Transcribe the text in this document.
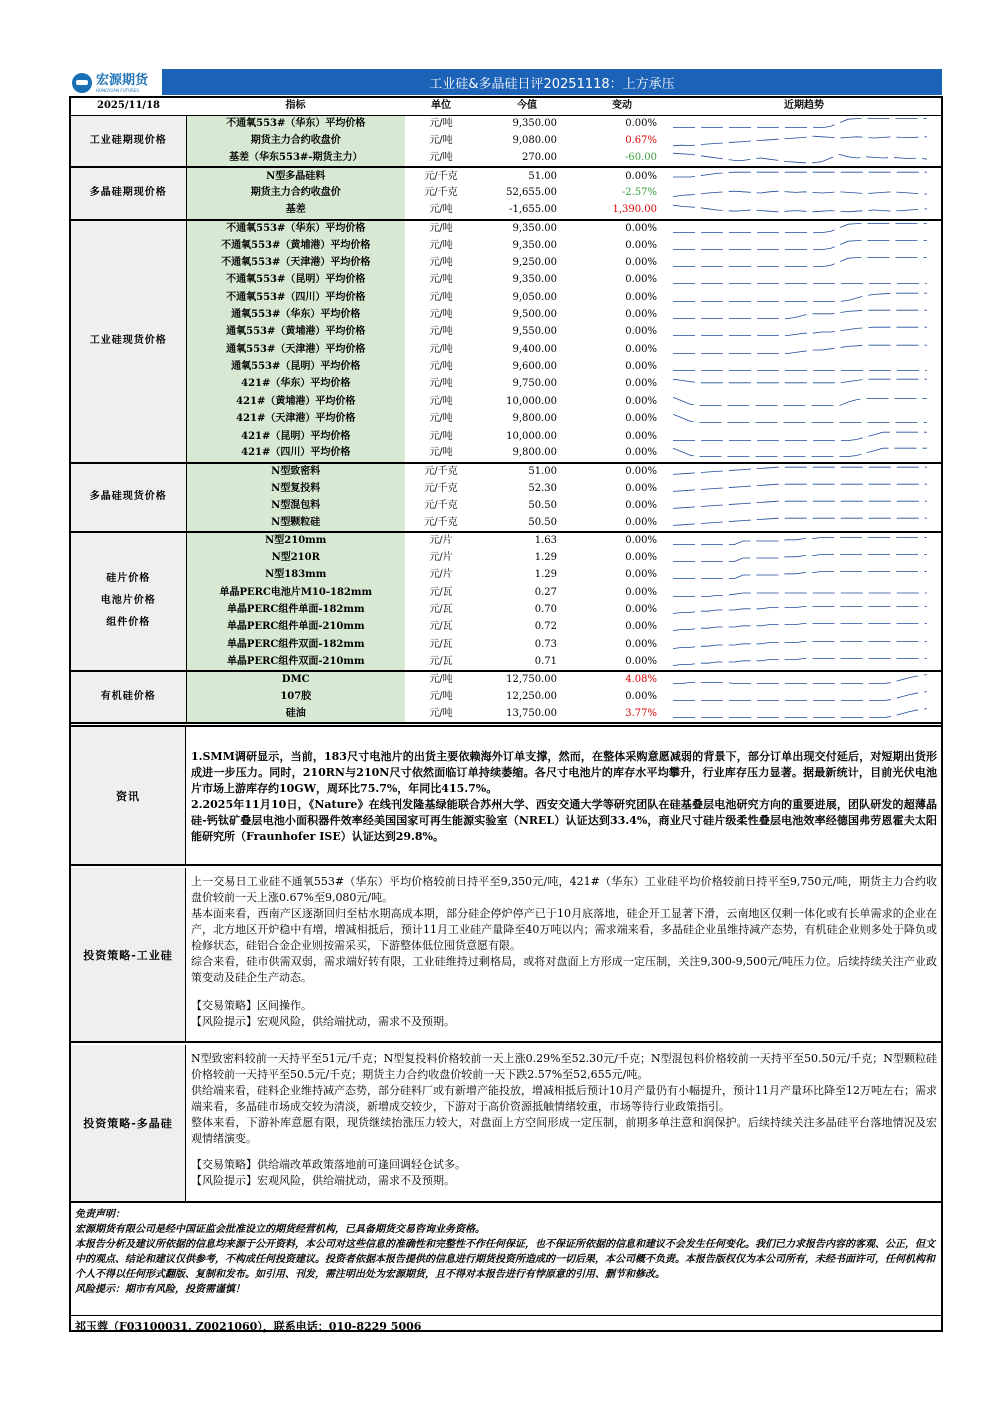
宏源期货
HONGYUAN FUTURES	工业硅&多晶硅日评20251118：上方承压
2025/11/18	指标	单位	今值	变动	近期趋势

工业硅期现价格	不通氧553#（华东）平均价格	元/吨	9,350.00	0.00%	

	期货主力合约收盘价	元/吨	9,080.00	0.67%	

	基差（华东553#-期货主力）	元/吨	270.00	-60.00	

多晶硅期现价格	N型多晶硅料	元/千克	51.00	0.00%	

	期货主力合约收盘价	元/千克	52,655.00	-2.57%	

	基差	元/吨	-1,655.00	1,390.00	

工业硅现货价格	不通氧553#（华东）平均价格	元/吨	9,350.00	0.00%	

	不通氧553#（黄埔港）平均价格	元/吨	9,350.00	0.00%	

	不通氧553#（天津港）平均价格	元/吨	9,250.00	0.00%	

	不通氧553#（昆明）平均价格	元/吨	9,350.00	0.00%	

	不通氧553#（四川）平均价格	元/吨	9,050.00	0.00%	

	通氧553#（华东）平均价格	元/吨	9,500.00	0.00%	

	通氧553#（黄埔港）平均价格	元/吨	9,550.00	0.00%	

	通氧553#（天津港）平均价格	元/吨	9,400.00	0.00%	

	通氧553#（昆明）平均价格	元/吨	9,600.00	0.00%	

	421#（华东）平均价格	元/吨	9,750.00	0.00%	

	421#（黄埔港）平均价格	元/吨	10,000.00	0.00%	

	421#（天津港）平均价格	元/吨	9,800.00	0.00%	

	421#（昆明）平均价格	元/吨	10,000.00	0.00%	

	421#（四川）平均价格	元/吨	9,800.00	0.00%	

多晶硅现货价格	N型致密料	元/千克	51.00	0.00%	

	N型复投料	元/千克	52.30	0.00%	

	N型混包料	元/千克	50.50	0.00%	

	N型颗粒硅	元/千克	50.50	0.00%	

硅片价格
电池片价格
组件价格	N型210mm	元/片	1.63	0.00%	

	N型210R	元/片	1.29	0.00%	

	N型183mm	元/片	1.29	0.00%	

	单晶PERC电池片M10-182mm	元/瓦	0.27	0.00%	

	单晶PERC组件单面-182mm	元/瓦	0.70	0.00%	

	单晶PERC组件单面-210mm	元/瓦	0.72	0.00%	

	单晶PERC组件双面-182mm	元/瓦	0.73	0.00%	

	单晶PERC组件双面-210mm	元/瓦	0.71	0.00%	

有机硅价格	DMC	元/吨	12,750.00	4.08%	

	107胶	元/吨	12,250.00	0.00%	

	硅油	元/吨	13,750.00	3.77%	
资讯

1.SMM调研显示，当前，183尺寸电池片的出货主要依赖海外订单支撑，然而，在整体采购意愿减弱的背景下，部分订单出现交付延后，对短期出货形成进一步压力。同时，210RN与210N尺寸依然面临订单持续萎缩。各尺寸电池片的库存水平均攀升，行业库存压力显著。据最新统计，目前光伏电池片市场上游库存约10GW，周环比75.7%，年同比415.7%。

2.2025年11月10日，《Nature》在线刊发隆基绿能联合苏州大学、西安交通大学等研究团队在硅基叠层电池研究方向的重要进展，团队研发的超薄晶硅-钙钛矿叠层电池小面积器件效率经美国国家可再生能源实验室（NREL）认证达到33.4%，商业尺寸硅片级柔性叠层电池效率经德国弗劳恩霍夫太阳能研究所（Fraunhofer ISE）认证达到29.8%。

投资策略-工业硅

上一交易日工业硅不通氧553#（华东）平均价格较前日持平至9,350元/吨，421#（华东）工业硅平均价格较前日持平至9,750元/吨，期货主力合约收盘价较前一天上涨0.67%至9,080元/吨。

基本面来看，西南产区逐渐回归至枯水期高成本期，部分硅企停炉停产已于10月底落地，硅企开工显著下滑，云南地区仅剩一体化或有长单需求的企业在产，北方地区开炉稳中有增，增减相抵后，预计11月工业硅产量降至40万吨以内；需求端来看，多晶硅企业虽维持减产态势，有机硅企业则多处于降负或检修状态，硅铝合金企业则按需采买，下游整体低位囤货意愿有限。

综合来看，硅市供需双弱，需求端好转有限，工业硅维持过剩格局，或将对盘面上方形成一定压制，关注9,300-9,500元/吨压力位。后续持续关注产业政策变动及硅企生产动态。

【交易策略】区间操作。

【风险提示】宏观风险，供给端扰动，需求不及预期。

投资策略-多晶硅

N型致密料较前一天持平至51元/千克；N型复投料价格较前一天上涨0.29%至52.30元/千克；N型混包料价格较前一天持平至50.50元/千克；N型颗粒硅价格较前一天持平至50.5元/千克；期货主力合约收盘价较前一天下跌2.57%至52,655元/吨。

供给端来看，硅料企业维持减产态势，部分硅料厂或有新增产能投放，增减相抵后预计10月产量仍有小幅提升，预计11月产量环比降至12万吨左右；需求端来看，多晶硅市场成交较为清淡，新增成交较少，下游对于高价资源抵触情绪较重，市场等待行业政策指引。

整体来看，下游补库意愿有限，现货继续抬涨压力较大，对盘面上方空间形成一定压制，前期多单注意和润保护。后续持续关注多晶硅平台落地情况及宏观情绪演变。

【交易策略】供给端改革政策落地前可逢回调轻仓试多。

【风险提示】宏观风险，供给端扰动，需求不及预期。

免责声明：
宏源期货有限公司是经中国证监会批准设立的期货经营机构，已具备期货交易咨询业务资格。
本报告分析及建议所依据的信息均来源于公开资料，本公司对这些信息的准确性和完整性不作任何保证，也不保证所依据的信息和建议不会发生任何变化。我们已力求报告内容的客观、公正，但文中的观点、结论和建议仅供参考，不构成任何投资建议。投资者依据本报告提供的信息进行期货投资所造成的一切后果，本公司概不负责。本报告版权仅为本公司所有，未经书面许可，任何机构和个人不得以任何形式翻版、复制和发布。如引用、刊发，需注明出处为宏源期货，且不得对本报告进行有悖原意的引用、删节和修改。
风险提示：期市有风险，投资需谨慎！
祁玉蓉（F03100031, Z0021060），联系电话：010-8229 5006
